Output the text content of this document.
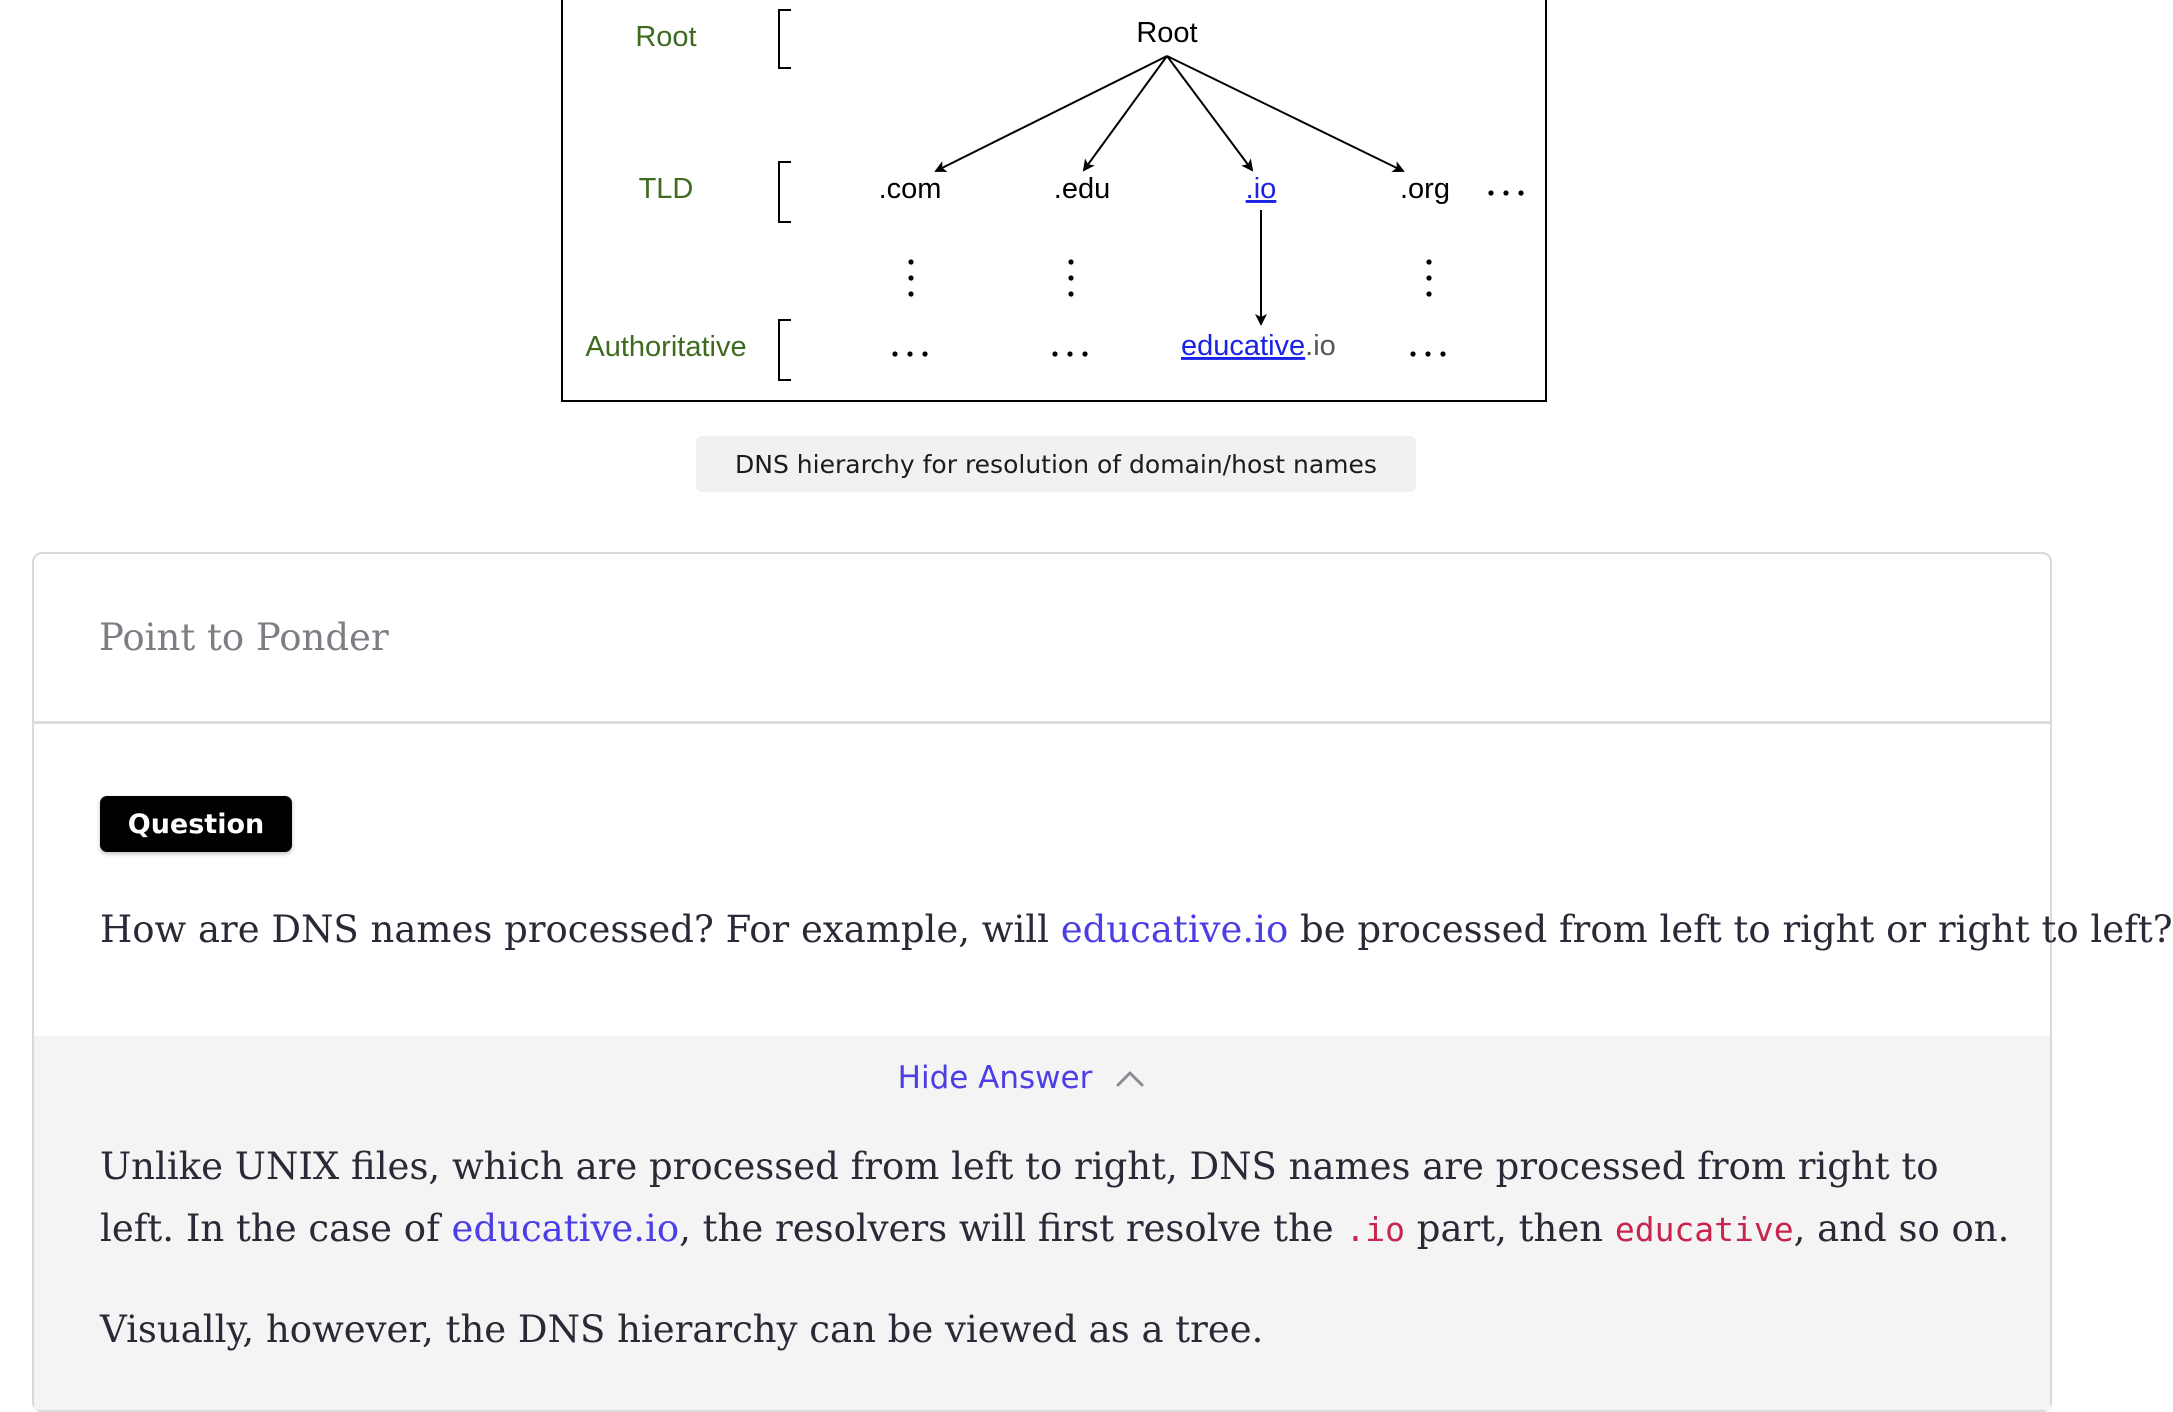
Root
TLD
Authoritative
Root
.com	.edu	.io	.org
educative.io
DNS hierarchy for resolution of domain/host names
Point to Ponder
Question
How are DNS names processed? For example, will educative.io be processed from left to right or right to left?
Hide Answer
Unlike UNIX files, which are processed from left to right, DNS names are processed from right to left. In the case of educative.io, the resolvers will first resolve the .io part, then educative, and so on.
Visually, however, the DNS hierarchy can be viewed as a tree.
